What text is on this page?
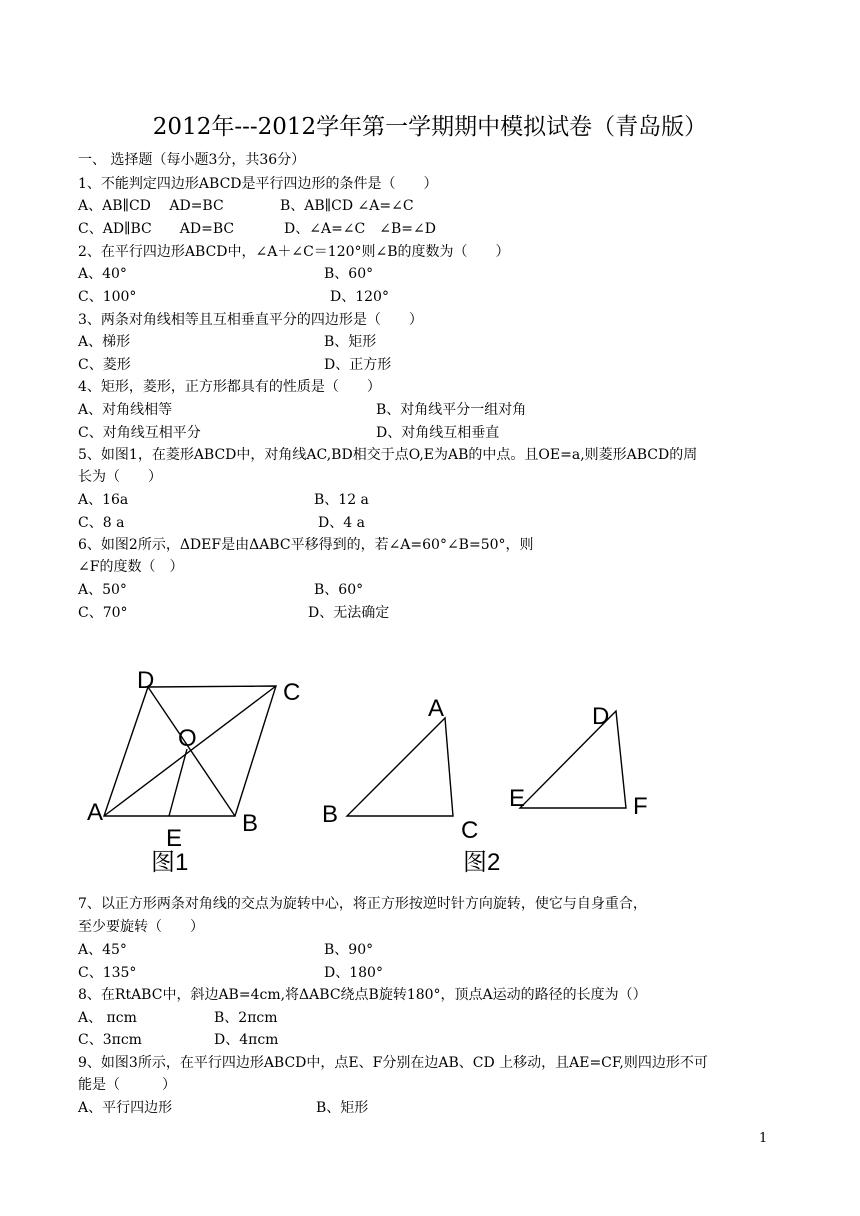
2012年---2012学年第一学期期中模拟试卷（青岛版）
一、 选择题（每小题3分，共36分）
1、不能判定四边形ABCD是平行四边形的条件是（　　）
A、AB∥CD　 AD=BC	B、AB∥CD ∠A=∠C
C、AD∥BC　　AD=BC	D、∠A=∠C　∠B=∠D
2、在平行四边形ABCD中，∠A＋∠C＝120°则∠B的度数为（　　）
A、40°	B、60°
C、100°	D、120°
3、两条对角线相等且互相垂直平分的四边形是（　　）
A、梯形	B、矩形
C、菱形	D、正方形
4、矩形，菱形，正方形都具有的性质是（　　）
A、对角线相等	B、对角线平分一组对角
C、对角线互相平分	D、对角线互相垂直
5、如图1，在菱形ABCD中，对角线AC,BD相交于点O,E为AB的中点。且OE=a,则菱形ABCD的周
长为（　　）
A、16a	B、12 a
C、8 a	D、4 a
6、如图2所示，ΔDEF是由ΔABC平移得到的，若∠A=60°∠B=50°，则
∠F的度数（　）
A、50°	B、60°
C、70°	D、无法确定
D	C
O
A	B
E
图1
A
B
C
D
E	F
图2
7、以正方形两条对角线的交点为旋转中心，将正方形按逆时针方向旋转，使它与自身重合，
至少要旋转（　　）
A、45°	B、90°
C、135°	D、180°
8、在RtABC中，斜边AB=4cm,将ΔABC绕点B旋转180°，顶点A运动的路径的长度为（）
A、 πcm	B、2πcm
C、3πcm	D、4πcm
9、如图3所示，在平行四边形ABCD中，点E、F分别在边AB、CD 上移动，且AE=CF,则四边形不可
能是（　　　）
A、平行四边形	B、矩形
1
